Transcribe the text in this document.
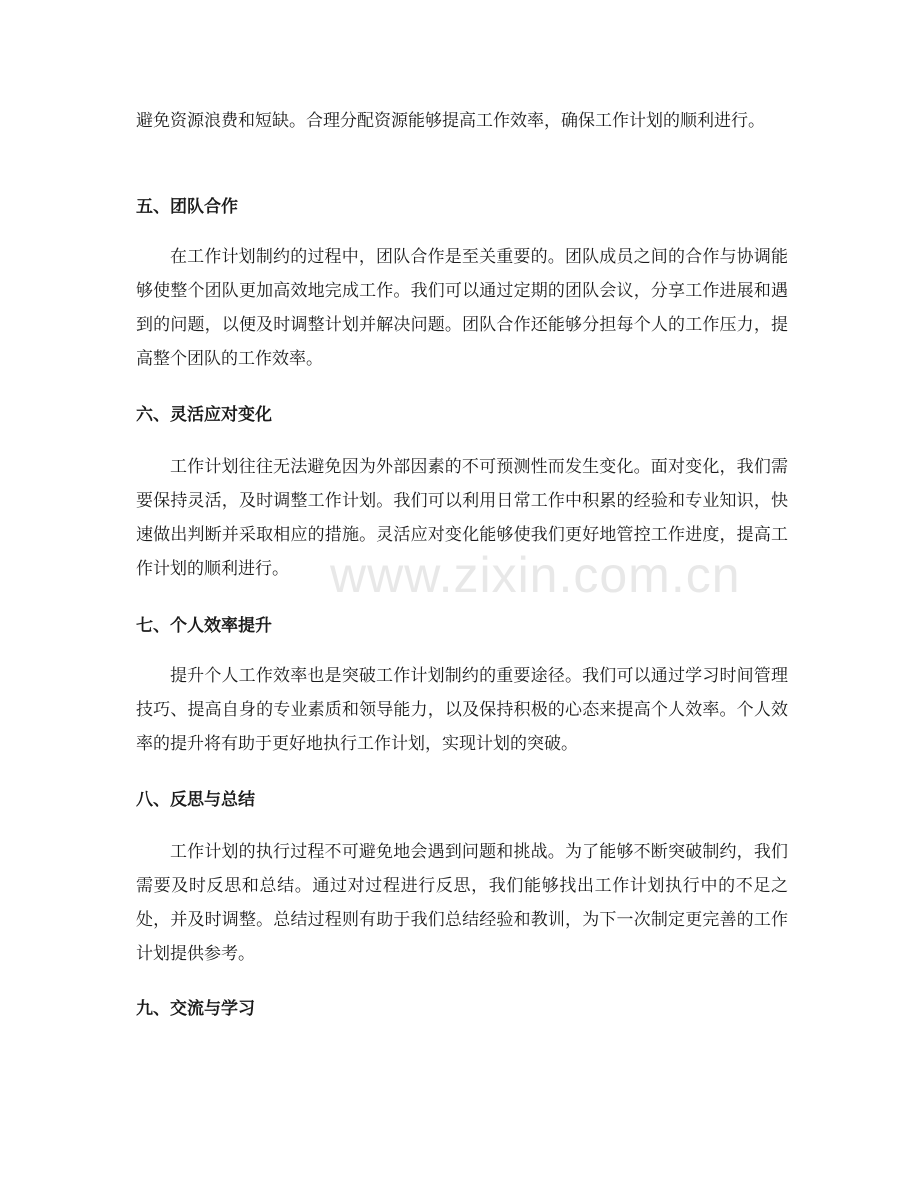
避免资源浪费和短缺。合理分配资源能够提高工作效率，确保工作计划的顺利进行。

五、团队合作

在工作计划制约的过程中，团队合作是至关重要的。团队成员之间的合作与协调能够使整个团队更加高效地完成工作。我们可以通过定期的团队会议，分享工作进展和遇到的问题，以便及时调整计划并解决问题。团队合作还能够分担每个人的工作压力，提高整个团队的工作效率。

六、灵活应对变化

工作计划往往无法避免因为外部因素的不可预测性而发生变化。面对变化，我们需要保持灵活，及时调整工作计划。我们可以利用日常工作中积累的经验和专业知识，快速做出判断并采取相应的措施。灵活应对变化能够使我们更好地管控工作进度，提高工作计划的顺利进行。

七、个人效率提升

提升个人工作效率也是突破工作计划制约的重要途径。我们可以通过学习时间管理技巧、提高自身的专业素质和领导能力，以及保持积极的心态来提高个人效率。个人效率的提升将有助于更好地执行工作计划，实现计划的突破。

八、反思与总结

工作计划的执行过程不可避免地会遇到问题和挑战。为了能够不断突破制约，我们需要及时反思和总结。通过对过程进行反思，我们能够找出工作计划执行中的不足之处，并及时调整。总结过程则有助于我们总结经验和教训，为下一次制定更完善的工作计划提供参考。

九、交流与学习
www.zixin.com.cn
